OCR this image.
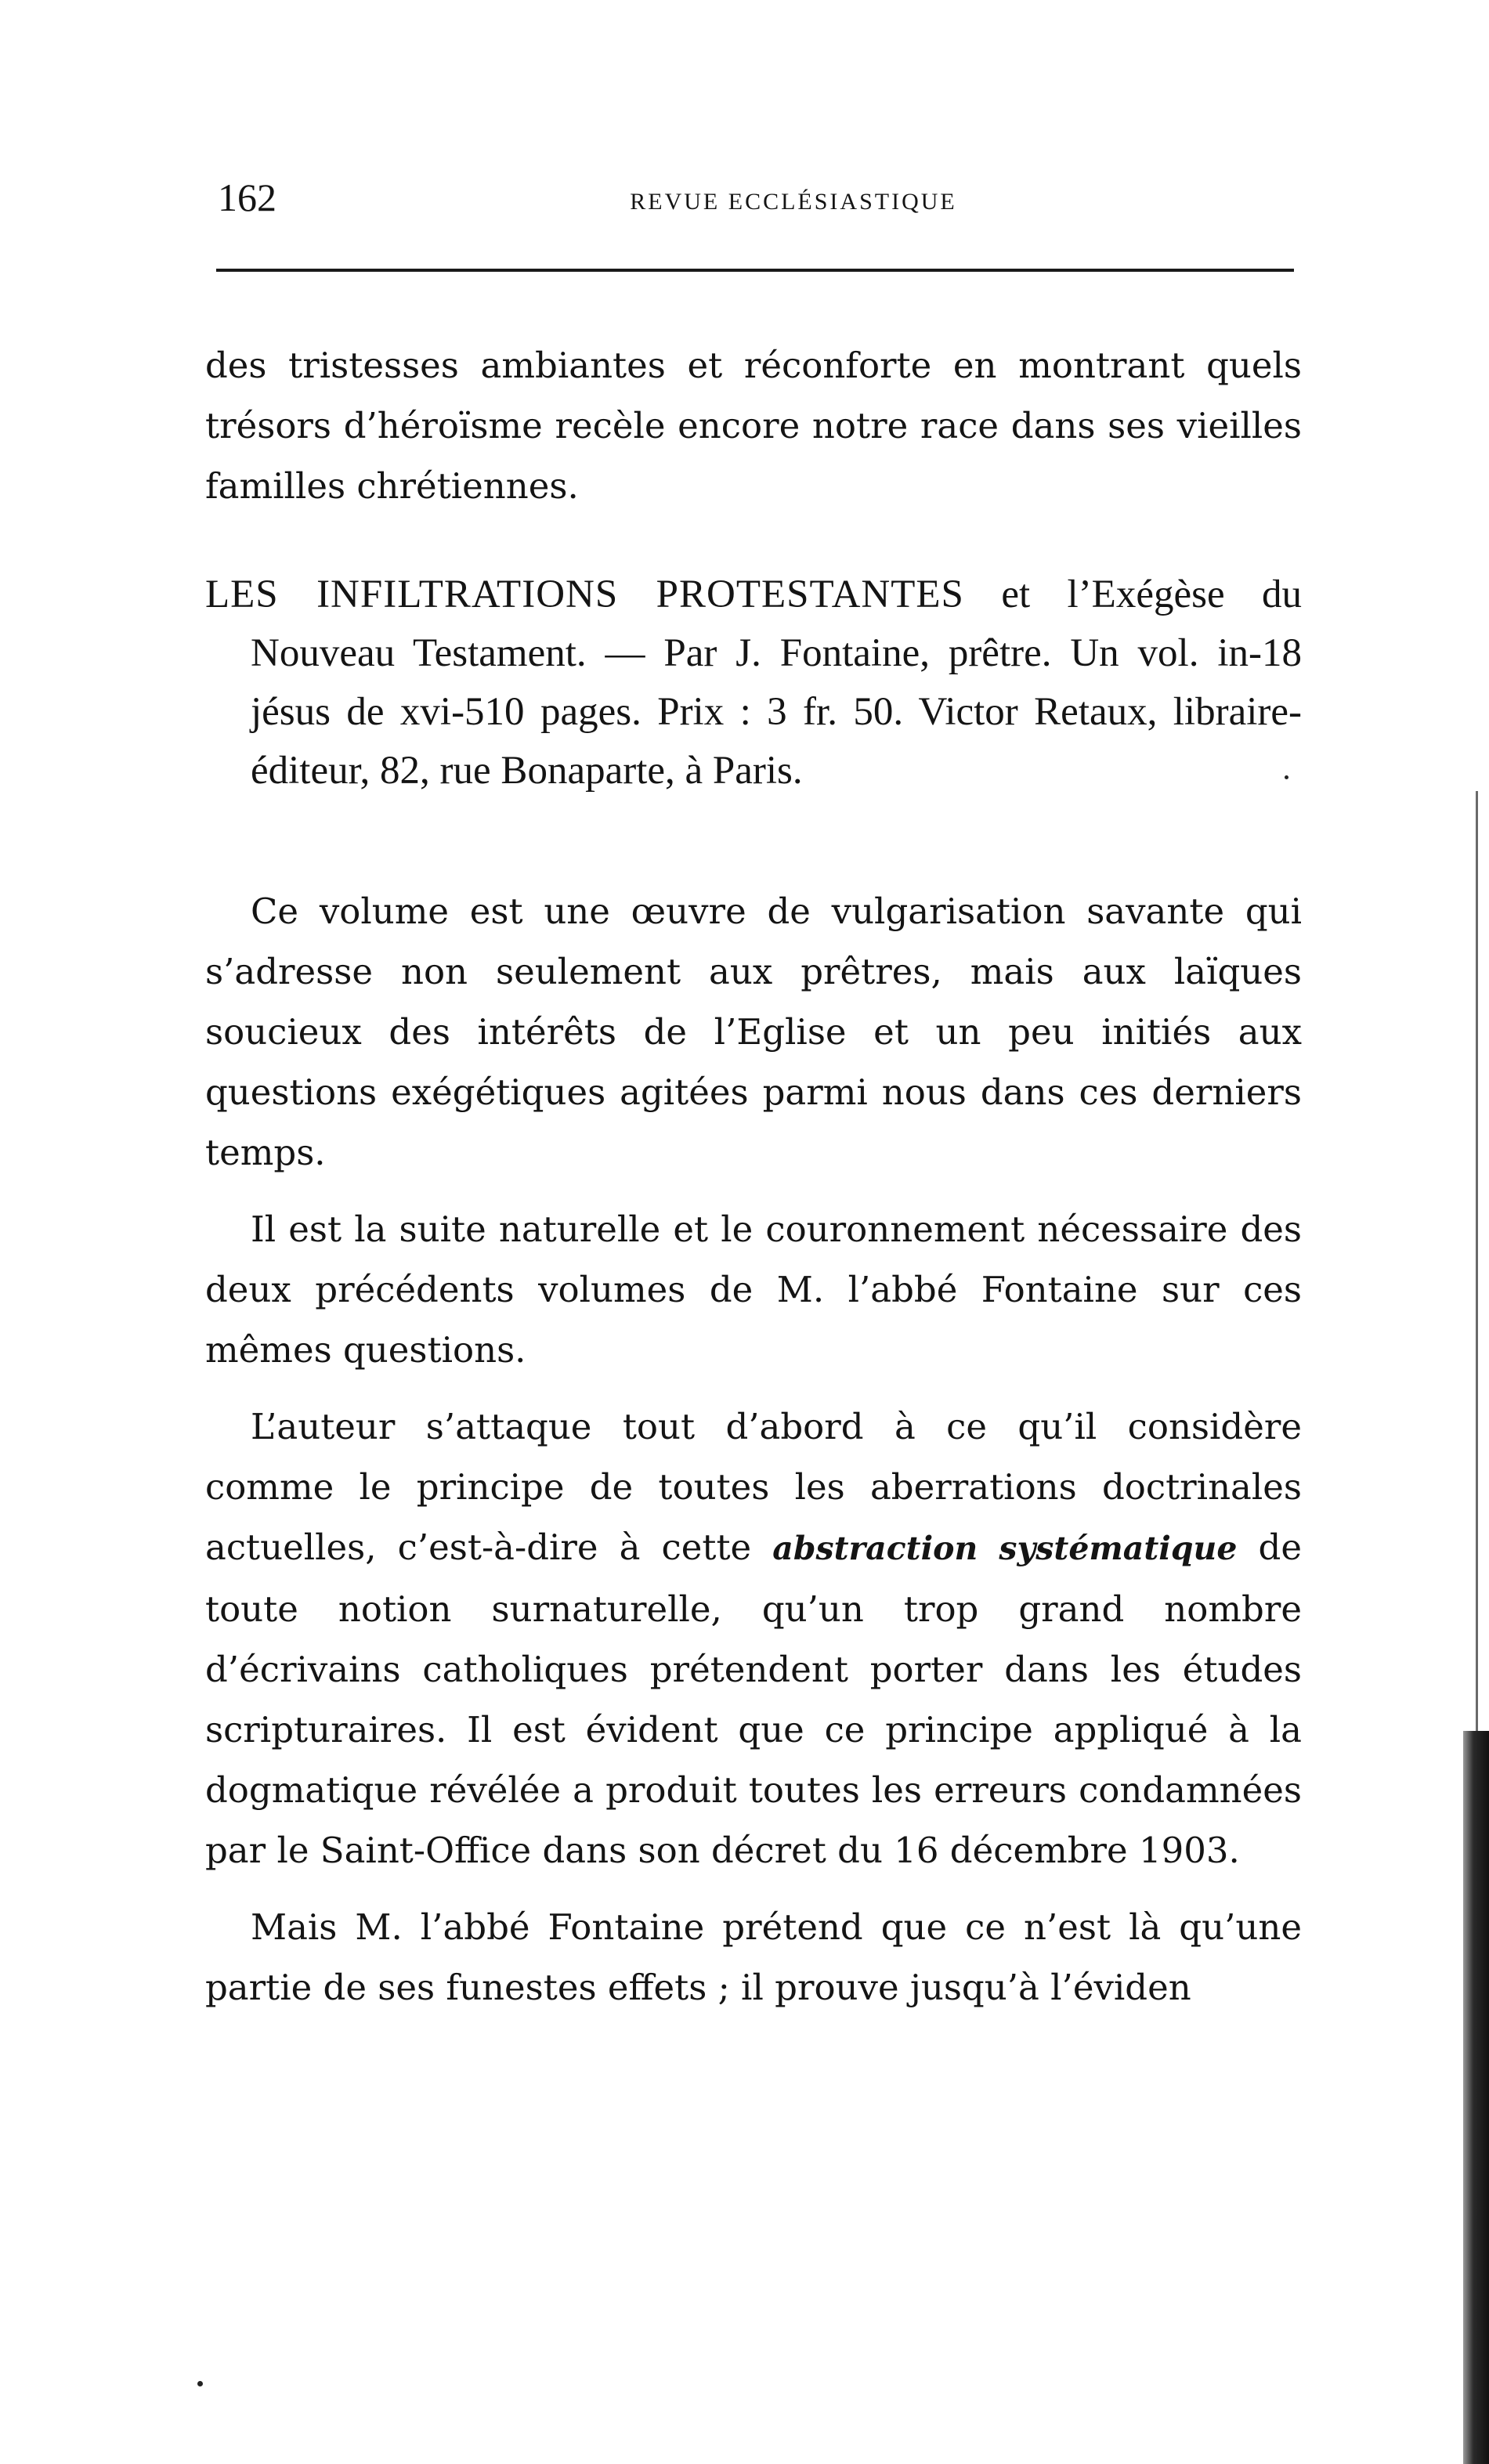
162	REVUE ECCLÉSIASTIQUE

des tristesses ambiantes et réconforte en montrant quels trésors d’héroïsme recèle encore notre race dans ses vieilles familles chrétiennes.

LES INFILTRATIONS PROTESTANTES et l’Exégèse du Nouveau Testament. — Par J. Fontaine, prêtre. Un vol. in-18 jésus de xvi-510 pages. Prix : 3 fr. 50. Victor Retaux, libraire-éditeur, 82, rue Bonaparte, à Paris.

Ce volume est une œuvre de vulgarisation savante qui s’adresse non seulement aux prêtres, mais aux laïques soucieux des intérêts de l’Eglise et un peu initiés aux questions exégétiques agitées parmi nous dans ces derniers temps.

Il est la suite naturelle et le couronnement nécessaire des deux précédents volumes de M. l’abbé Fontaine sur ces mêmes questions.

L’auteur s’attaque tout d’abord à ce qu’il considère comme le principe de toutes les aberrations doctrinales actuelles, c’est-à-dire à cette abstraction systématique de toute notion surnaturelle, qu’un trop grand nombre d’écrivains catholiques prétendent porter dans les études scripturaires. Il est évident que ce principe appliqué à la dogmatique révélée a produit toutes les erreurs condamnées par le Saint-Office dans son décret du 16 décembre 1903.

Mais M. l’abbé Fontaine prétend que ce n’est là qu’une partie de ses funestes effets ; il prouve jusqu’à l’éviden
